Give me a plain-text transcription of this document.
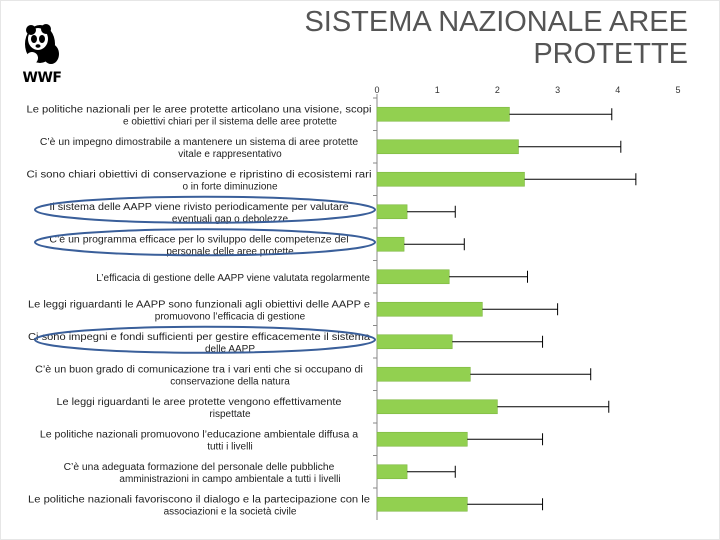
WWF
SISTEMA NAZIONALE AREE
PROTETTE
0	1	2	3	4	5
Le politiche nazionali per le aree protette articolano una visione, scopi
e obiettivi chiari per il sistema delle aree protette
C’è un impegno dimostrabile a mantenere un sistema di aree protette
vitale e rappresentativo
Ci sono chiari obiettivi di conservazione e ripristino di ecosistemi rari
o in forte diminuzione
Il sistema delle AAPP viene rivisto periodicamente per valutare
eventuali gap o debolezze
C’è un programma efficace per lo sviluppo delle competenze del
personale delle aree protette
L’efficacia di gestione delle AAPP viene valutata regolarmente
Le leggi riguardanti le AAPP sono funzionali agli obiettivi delle AAPP e
promuovono l’efficacia di gestione
Ci sono impegni e fondi sufficienti per gestire efficacemente il sistema
delle AAPP
C’è un buon grado di comunicazione tra i vari enti che si occupano di
conservazione della natura
Le leggi riguardanti le aree protette vengono effettivamente
rispettate
Le politiche nazionali promuovono l’educazione ambientale diffusa a
tutti i livelli
C’è una adeguata formazione del personale delle pubbliche
amministrazioni in campo ambientale a tutti i livelli
Le politiche nazionali favoriscono il dialogo e la partecipazione con le
associazioni e la società civile
